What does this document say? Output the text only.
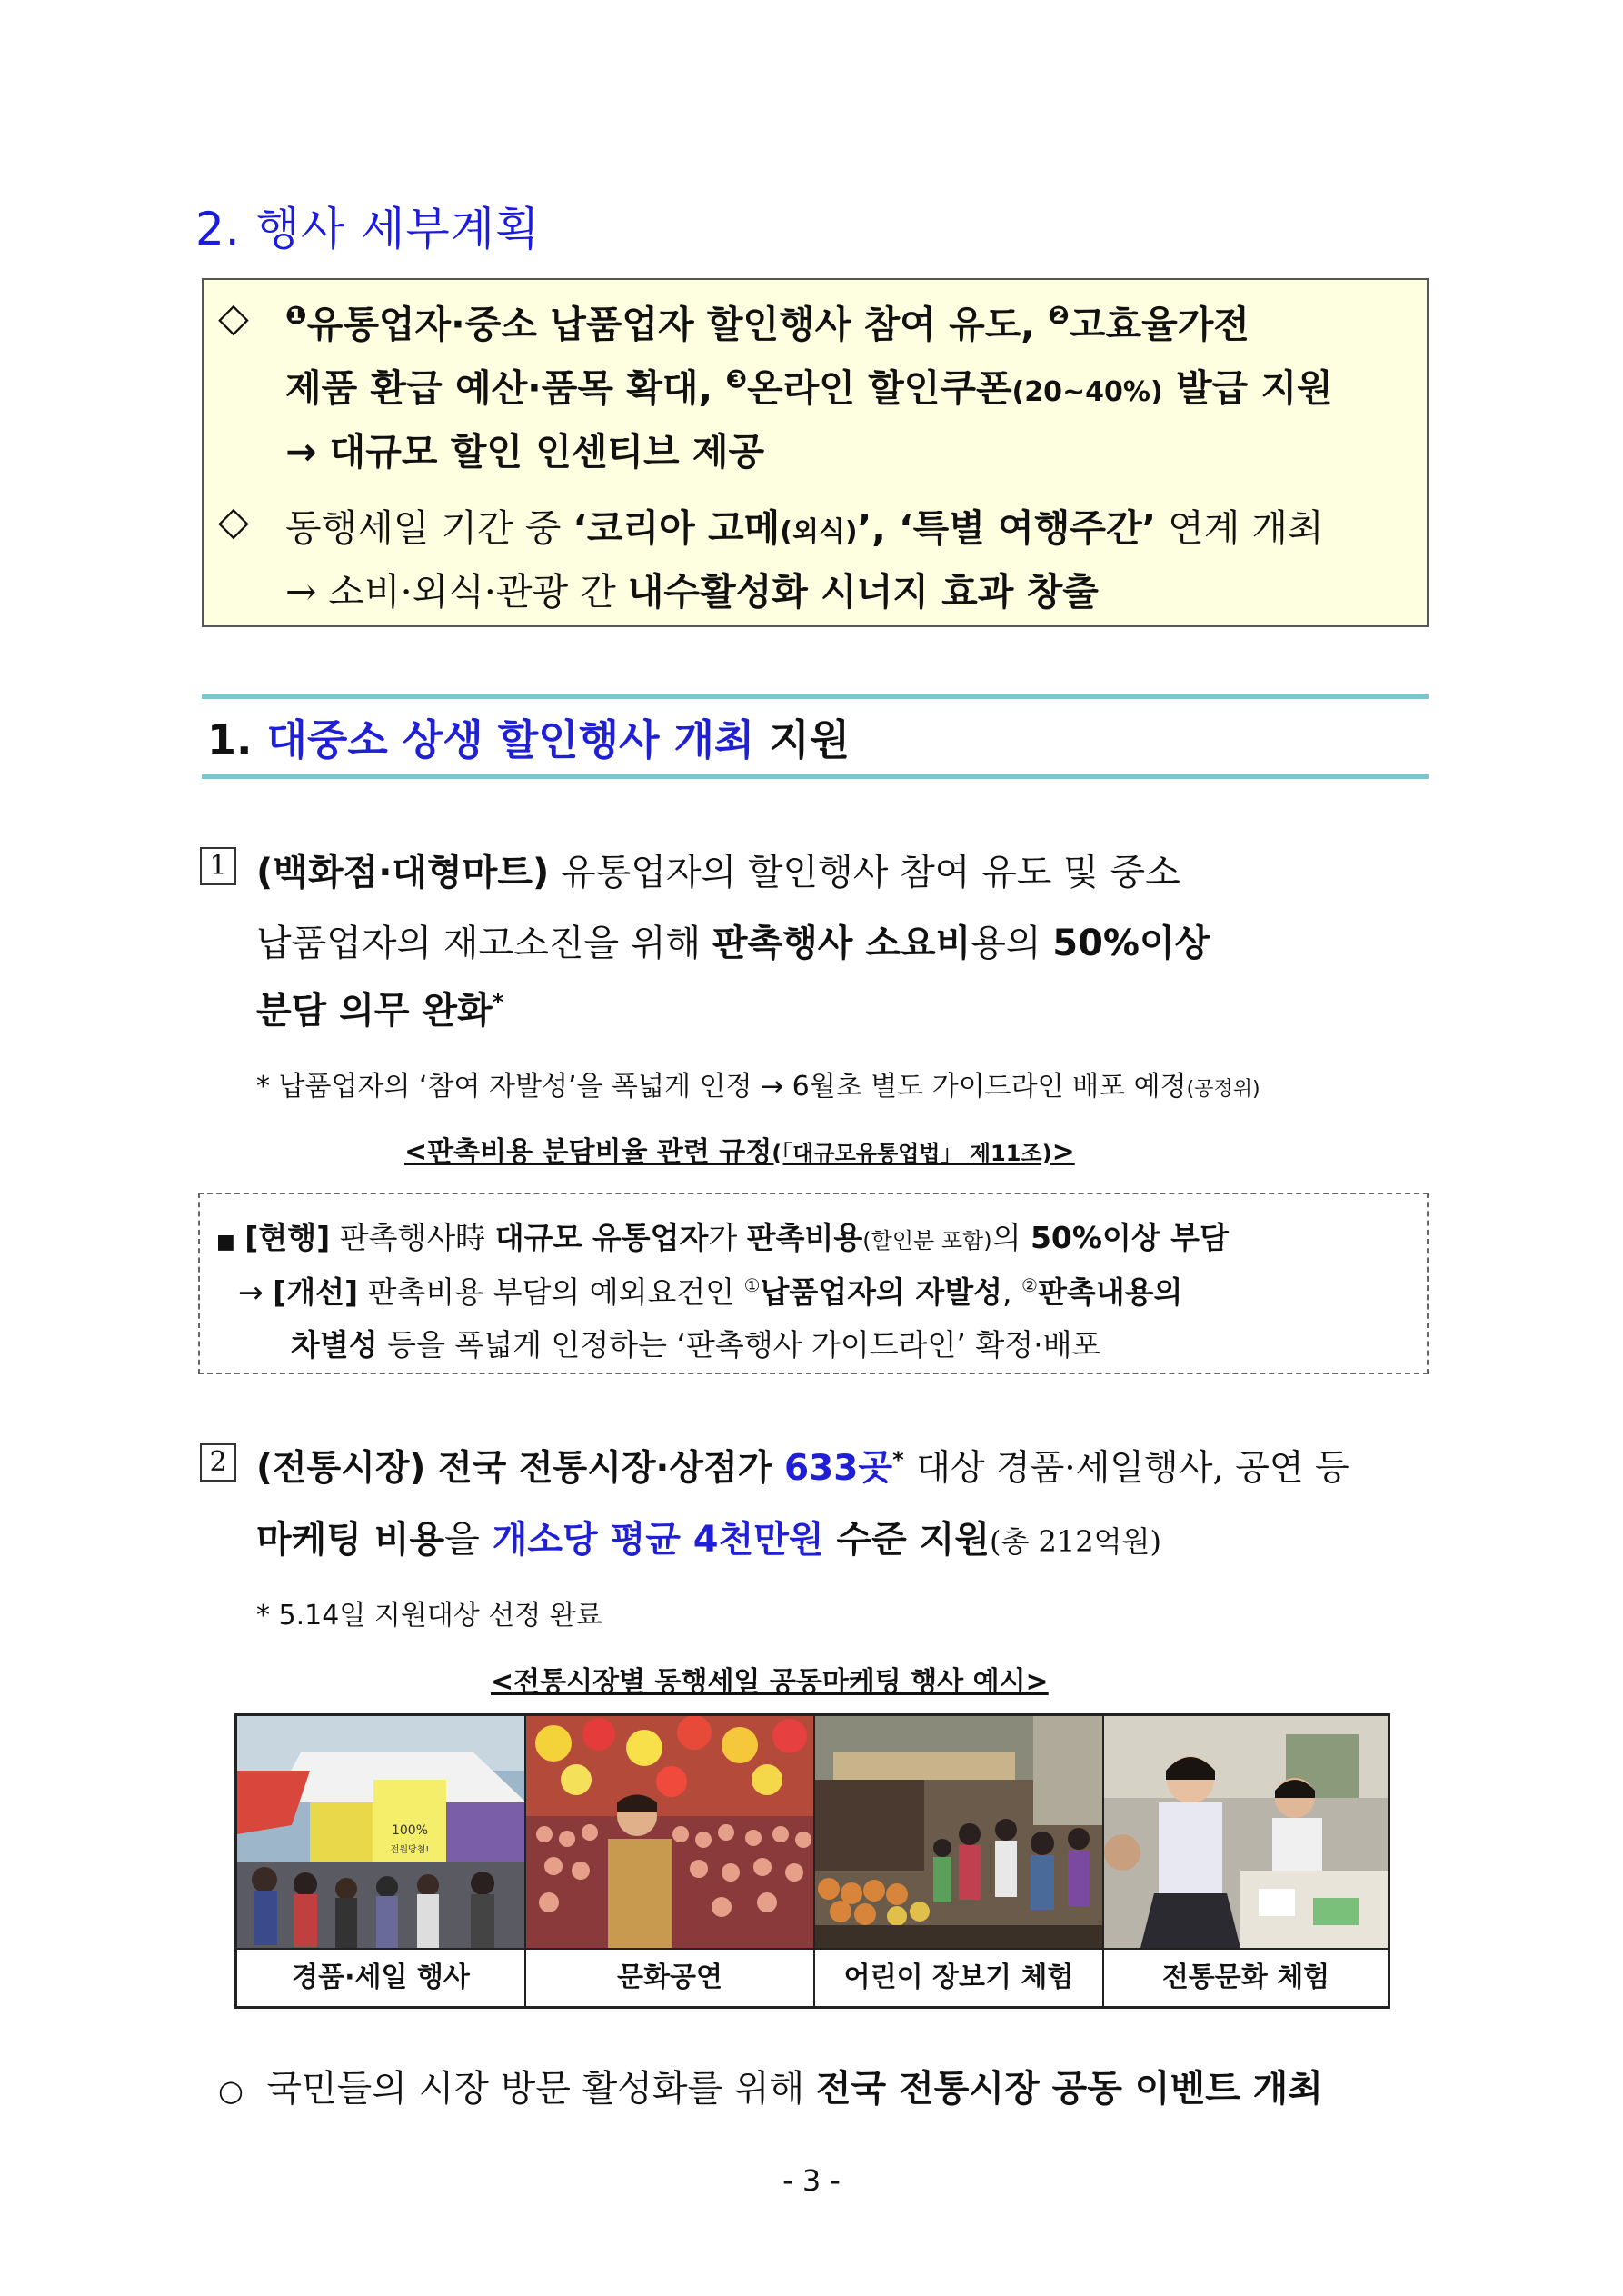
2. 행사 세부계획
◇ $^❶$유통업자·중소 납품업자 할인행사 참여 유도, $^❷$고효율가전
제품 환급 예산·품목 확대, $^❸$온라인 할인쿠폰(20~40%) 발급 지원
→ 대규모 할인 인센티브 제공
◇ 동행세일 기간 중 ‘코리아 고메(외식)’, ‘특별 여행주간’ 연계 개최
→ 소비·외식·관광 간 내수활성화 시너지 효과 창출
1. 대중소 상생 할인행사 개최 지원
1 (백화점·대형마트) 유통업자의 할인행사 참여 유도 및 중소
납품업자의 재고소진을 위해 판촉행사 소요비용의 50%이상
분담 의무 완화*
* 납품업자의 ‘참여 자발성’을 폭넓게 인정 → 6월초 별도 가이드라인 배포 예정(공정위)
<판촉비용 분담비율 관련 규정(「대규모유통업법」 제11조)>
■ [현행] 판촉행사時 대규모 유통업자가 판촉비용(할인분 포함)의 50%이상 부담
→ [개선] 판촉비용 부담의 예외요건인 ①납품업자의 자발성, ②판촉내용의
차별성 등을 폭넓게 인정하는 ‘판촉행사 가이드라인’ 확정·배포
2 (전통시장) 전국 전통시장·상점가 633곳* 대상 경품·세일행사, 공연 등
마케팅 비용을 개소당 평균 4천만원 수준 지원(총 212억원)
* 5.14일 지원대상 선정 완료
<전통시장별 동행세일 공동마케팅 행사 예시>
100%
전원당첨!
경품·세일 행사	문화공연	어린이 장보기 체험	전통문화 체험
○ 국민들의 시장 방문 활성화를 위해 전국 전통시장 공동 이벤트 개최
- 3 -
